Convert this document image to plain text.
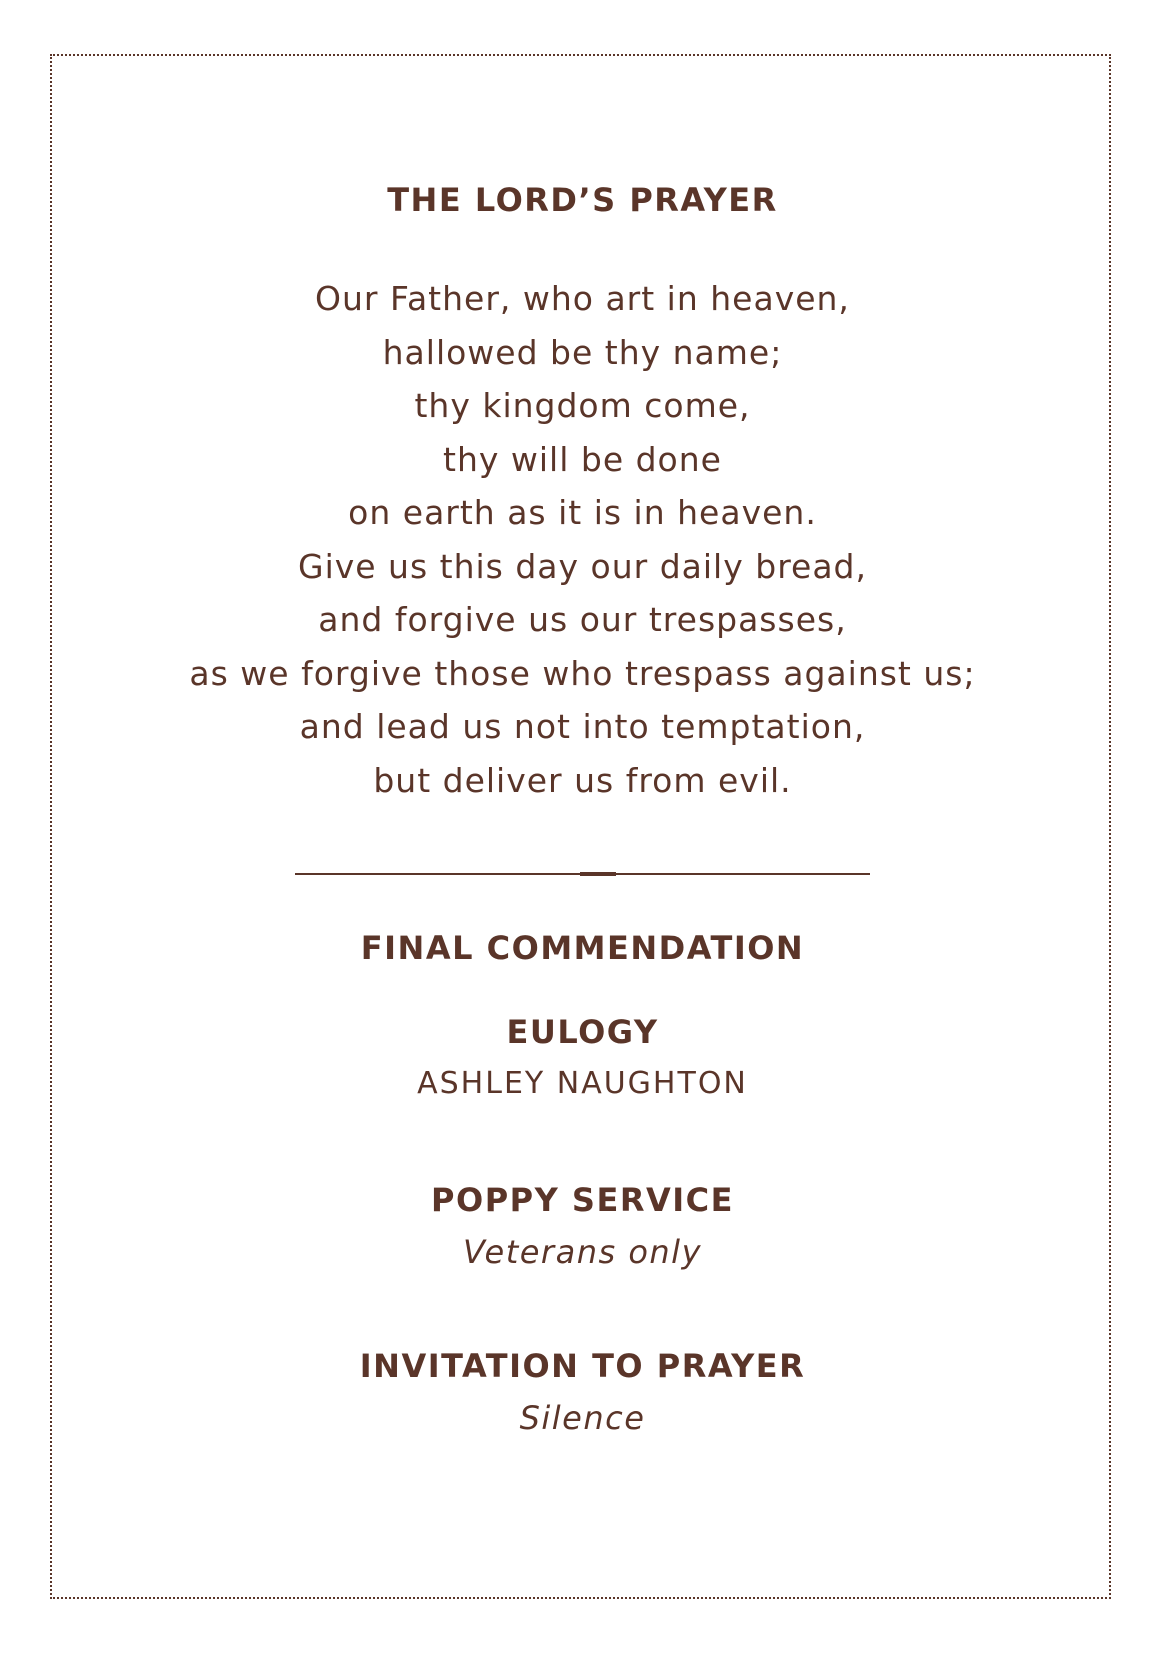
THE LORD’S PRAYER
Our Father, who art in heaven,
hallowed be thy name;
thy kingdom come,
thy will be done
on earth as it is in heaven.
Give us this day our daily bread,
and forgive us our trespasses,
as we forgive those who trespass against us;
and lead us not into temptation,
but deliver us from evil.
FINAL COMMENDATION
EULOGY
ASHLEY NAUGHTON
POPPY SERVICE
Veterans only
INVITATION TO PRAYER
Silence
